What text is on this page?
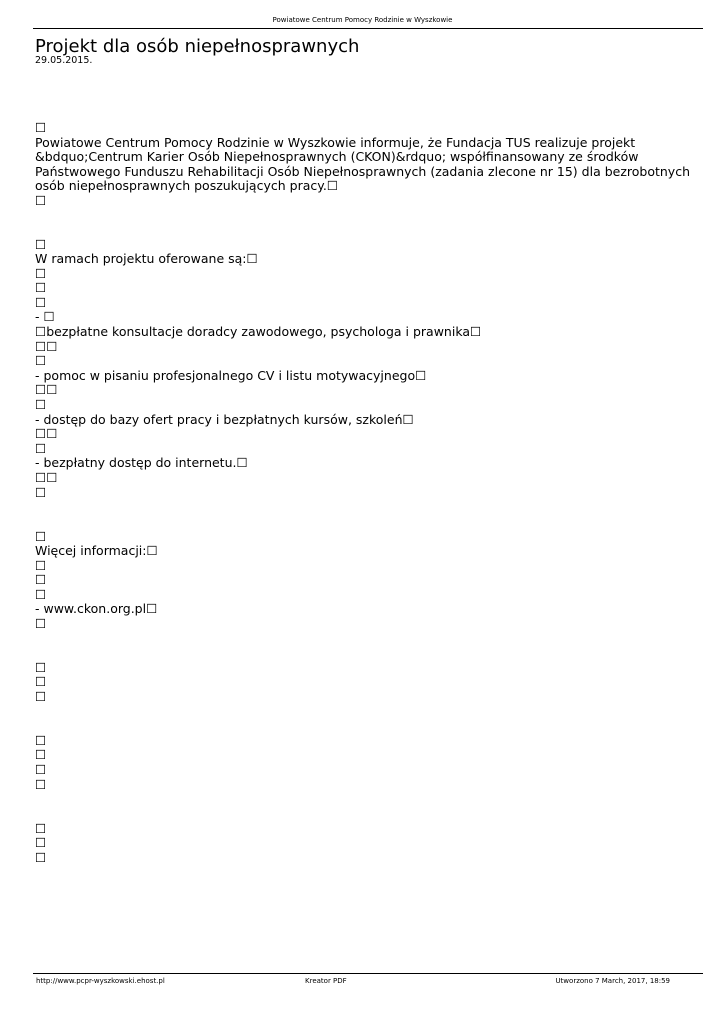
Powiatowe Centrum Pomocy Rodzinie w Wyszkowie
Projekt dla osób niepełnosprawnych
29.05.2015.
☐
Powiatowe Centrum Pomocy Rodzinie w Wyszkowie informuje, że Fundacja TUS realizuje projekt
&bdquo;Centrum Karier Osób Niepełnosprawnych (CKON)&rdquo; współfinansowany ze środków
Państwowego Funduszu Rehabilitacji Osób Niepełnosprawnych (zadania zlecone nr 15) dla bezrobotnych
osób niepełnosprawnych poszukujących pracy.☐
☐
☐
W ramach projektu oferowane są:☐
☐
☐
☐
- ☐
☐bezpłatne konsultacje doradcy zawodowego, psychologa i prawnika☐
☐☐
☐
- pomoc w pisaniu profesjonalnego CV i listu motywacyjnego☐
☐☐
☐
- dostęp do bazy ofert pracy i bezpłatnych kursów, szkoleń☐
☐☐
☐
- bezpłatny dostęp do internetu.☐
☐☐
☐
☐
Więcej informacji:☐
☐
☐
☐
- www.ckon.org.pl☐
☐
☐
☐
☐
☐
☐
☐
☐
☐
☐
☐
http://www.pcpr-wyszkowski.ehost.pl	Kreator PDF	Utworzono 7 March, 2017, 18:59
